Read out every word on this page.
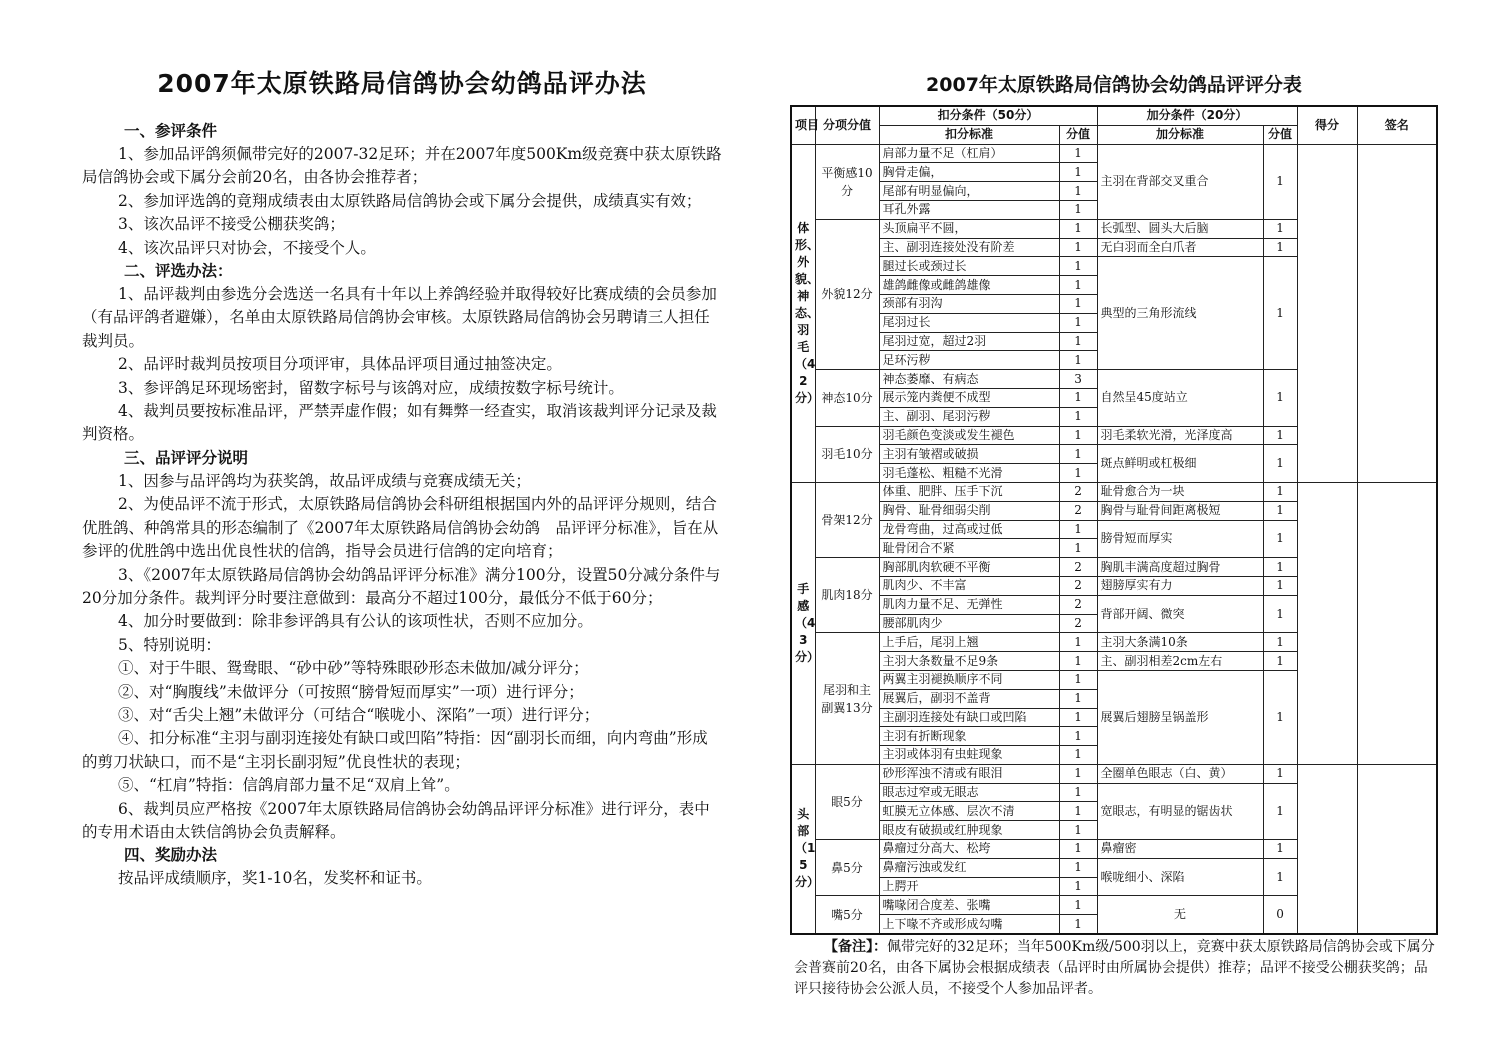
2007年太原铁路局信鸽协会幼鸽品评办法
一、参评条件
1、参加品评鸽须佩带完好的2007-32足环；并在2007年度500Km级竞赛中获太原铁路局信鸽协会或下属分会前20名，由各协会推荐者；
2、参加评选鸽的竟翔成绩表由太原铁路局信鸽协会或下属分会提供，成绩真实有效；
3、该次品评不接受公棚获奖鸽；
4、该次品评只对协会，不接受个人。
二、评选办法：
1、品评裁判由参选分会选送一名具有十年以上养鸽经验并取得较好比赛成绩的会员参加（有品评鸽者避嫌），名单由太原铁路局信鸽协会审核。太原铁路局信鸽协会另聘请三人担任裁判员。
2、品评时裁判员按项目分项评审，具体品评项目通过抽签决定。
3、参评鸽足环现场密封，留数字标号与该鸽对应，成绩按数字标号统计。
4、裁判员要按标准品评，严禁弄虚作假；如有舞弊一经查实，取消该裁判评分记录及裁判资格。
三、品评评分说明
1、因参与品评鸽均为获奖鸽，故品评成绩与竞赛成绩无关；
2、为使品评不流于形式，太原铁路局信鸽协会科研组根据国内外的品评评分规则，结合优胜鸽、种鸽常具的形态编制了《2007年太原铁路局信鸽协会幼鸽　品评评分标准》，旨在从参评的优胜鸽中选出优良性状的信鸽，指导会员进行信鸽的定向培育；
3、《2007年太原铁路局信鸽协会幼鸽品评评分标准》满分100分，设置50分减分条件与20分加分条件。裁判评分时要注意做到：最高分不超过100分，最低分不低于60分；
4、加分时要做到：除非参评鸽具有公认的该项性状，否则不应加分。
5、特别说明：
①、对于牛眼、鸳鸯眼、“砂中砂”等特殊眼砂形态未做加/减分评分；
②、对“胸腹线”未做评分（可按照“膀骨短而厚实”一项）进行评分；
③、对“舌尖上翘”未做评分（可结合“喉咙小、深陷”一项）进行评分；
④、扣分标准“主羽与副羽连接处有缺口或凹陷”特指：因“副羽长而细，向内弯曲”形成的剪刀状缺口，而不是“主羽长副羽短”优良性状的表现；
⑤、“杠肩”特指：信鸽肩部力量不足“双肩上耸”。
6、裁判员应严格按《2007年太原铁路局信鸽协会幼鸽品评评分标准》进行评分，表中的专用术语由太铁信鸽协会负责解释。
四、奖励办法
按品评成绩顺序，奖1-10名，发奖杯和证书。
2007年太原铁路局信鸽协会幼鸽品评评分表
项目	分项分值	扣分条件（50分）		加分条件（20分）		得分	签名
		扣分标准	分值	加分标准	分值		
体形、外貌、神态、羽毛（42分）	平衡感10分	肩部力量不足（杠肩）	1	主羽在背部交叉重合	1		
		胸骨走偏，	1				
		尾部有明显偏向，	1				
		耳孔外露	1				
	外貌12分	头顶扁平不圆，	1	长弧型、圆头大后脑	1		
		主、副羽连接处没有阶差	1	无白羽而全白爪者	1		
		腿过长或颈过长	1	典型的三角形流线	1		
		雄鸽雌像或雌鸽雄像	1				
		颈部有羽沟	1				
		尾羽过长	1				
		尾羽过宽，超过2羽	1				
		足环污秽	1				
	神态10分	神态萎靡、有病态	3	自然呈45度站立	1		
		展示笼内粪便不成型	1				
		主、副羽、尾羽污秽	1				
	羽毛10分	羽毛颜色变淡或发生褪色	1	羽毛柔软光滑，光泽度高	1		
		主羽有皱褶或破损	1	斑点鲜明或杠极细	1		
		羽毛蓬松、粗糙不光滑	1				
手感（43分）	骨架12分	体重、肥胖、压手下沉	2	耻骨愈合为一块	1		
		胸骨、耻骨细弱尖削	2	胸骨与耻骨间距离极短	1		
		龙骨弯曲，过高或过低	1	膀骨短而厚实	1		
		耻骨闭合不紧	1				
	肌肉18分	胸部肌肉软硬不平衡	2	胸肌丰满高度超过胸骨	1		
		肌肉少、不丰富	2	翅膀厚实有力	1		
		肌肉力量不足、无弹性	2	背部开阔、微突	1		
		腰部肌肉少	2				
	尾羽和主副翼13分	上手后，尾羽上翘	1	主羽大条满10条	1		
		主羽大条数量不足9条	1	主、副羽相差2cm左右	1		
		两翼主羽褪换顺序不同	1	展翼后翅膀呈锅盖形	1		
		展翼后，副羽不盖背	1				
		主副羽连接处有缺口或凹陷	1				
		主羽有折断现象	1				
		主羽或体羽有虫蛀现象	1				
头部（15分）	眼5分	砂形浑浊不清或有眼泪	1	全圈单色眼志（白、黄）	1		
		眼志过窄或无眼志	1	宽眼志，有明显的锯齿状	1		
		虹膜无立体感、层次不清	1				
		眼皮有破损或红肿现象	1				
	鼻5分	鼻瘤过分高大、松垮	1	鼻瘤密	1		
		鼻瘤污浊或发红	1	喉咙细小、深陷	1		
		上腭开	1				
	嘴5分	嘴喙闭合度差、张嘴	1	无	0		
		上下喙不齐或形成勾嘴	1				
【备注】：佩带完好的32足环；当年500Km级/500羽以上，竞赛中获太原铁路局信鸽协会或下属分会普赛前20名，由各下属协会根据成绩表（品评时由所属协会提供）推荐；品评不接受公棚获奖鸽；品评只接待协会公派人员，不接受个人参加品评者。
